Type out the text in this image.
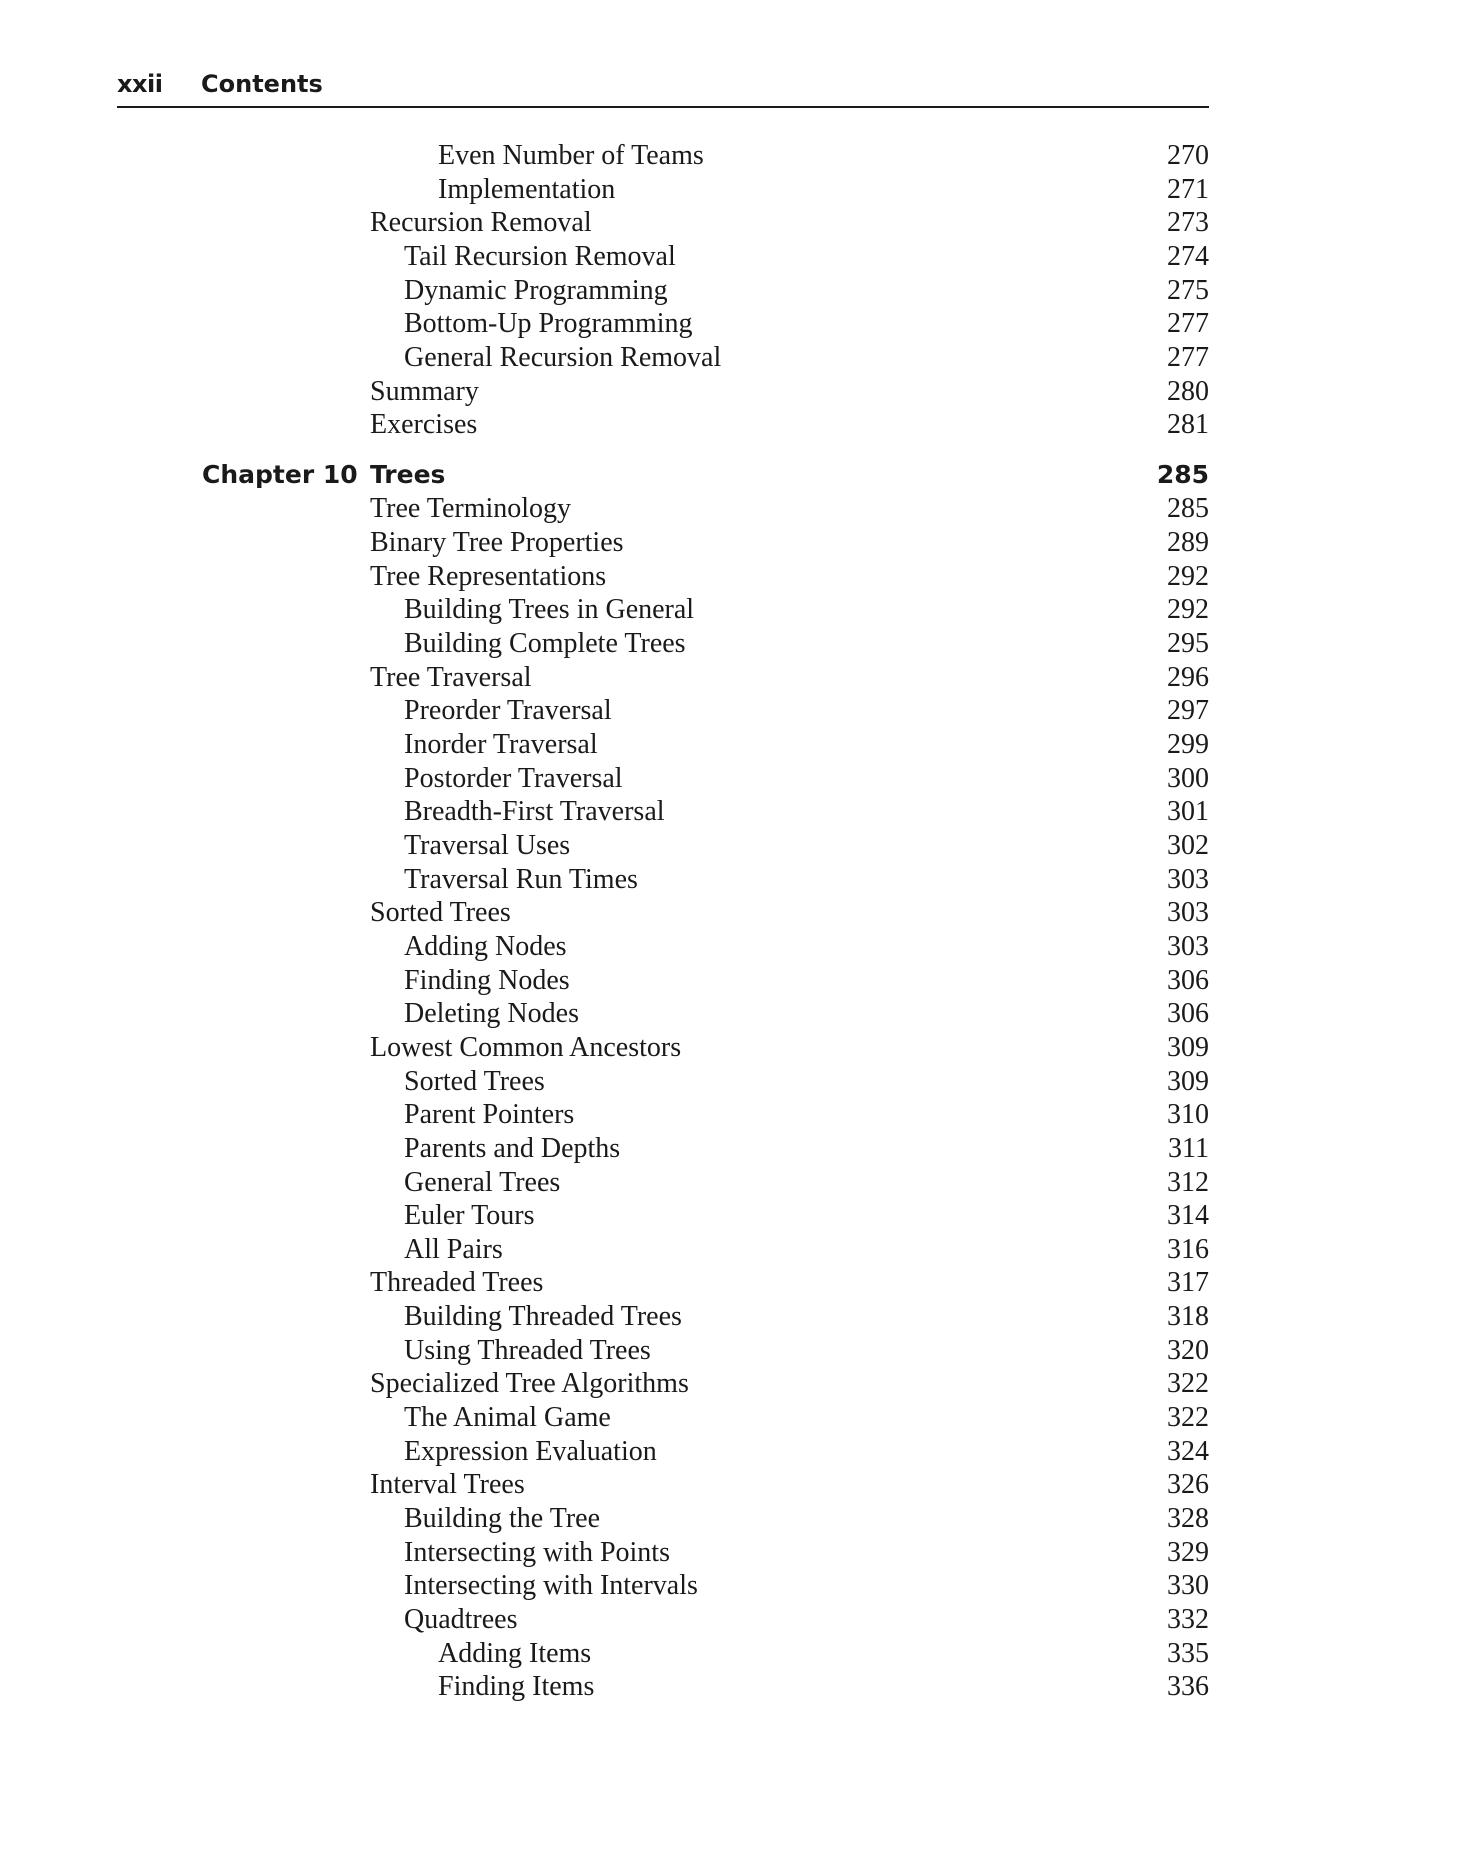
xxii Contents
Even Number of Teams	270
Implementation	271
Recursion Removal	273
Tail Recursion Removal	274
Dynamic Programming	275
Bottom-Up Programming	277
General Recursion Removal	277
Summary	280
Exercises	281
Chapter 10 Trees	285
Tree Terminology	285
Binary Tree Properties	289
Tree Representations	292
Building Trees in General	292
Building Complete Trees	295
Tree Traversal	296
Preorder Traversal	297
Inorder Traversal	299
Postorder Traversal	300
Breadth-First Traversal	301
Traversal Uses	302
Traversal Run Times	303
Sorted Trees	303
Adding Nodes	303
Finding Nodes	306
Deleting Nodes	306
Lowest Common Ancestors	309
Sorted Trees	309
Parent Pointers	310
Parents and Depths	311
General Trees	312
Euler Tours	314
All Pairs	316
Threaded Trees	317
Building Threaded Trees	318
Using Threaded Trees	320
Specialized Tree Algorithms	322
The Animal Game	322
Expression Evaluation	324
Interval Trees	326
Building the Tree	328
Intersecting with Points	329
Intersecting with Intervals	330
Quadtrees	332
Adding Items	335
Finding Items	336
